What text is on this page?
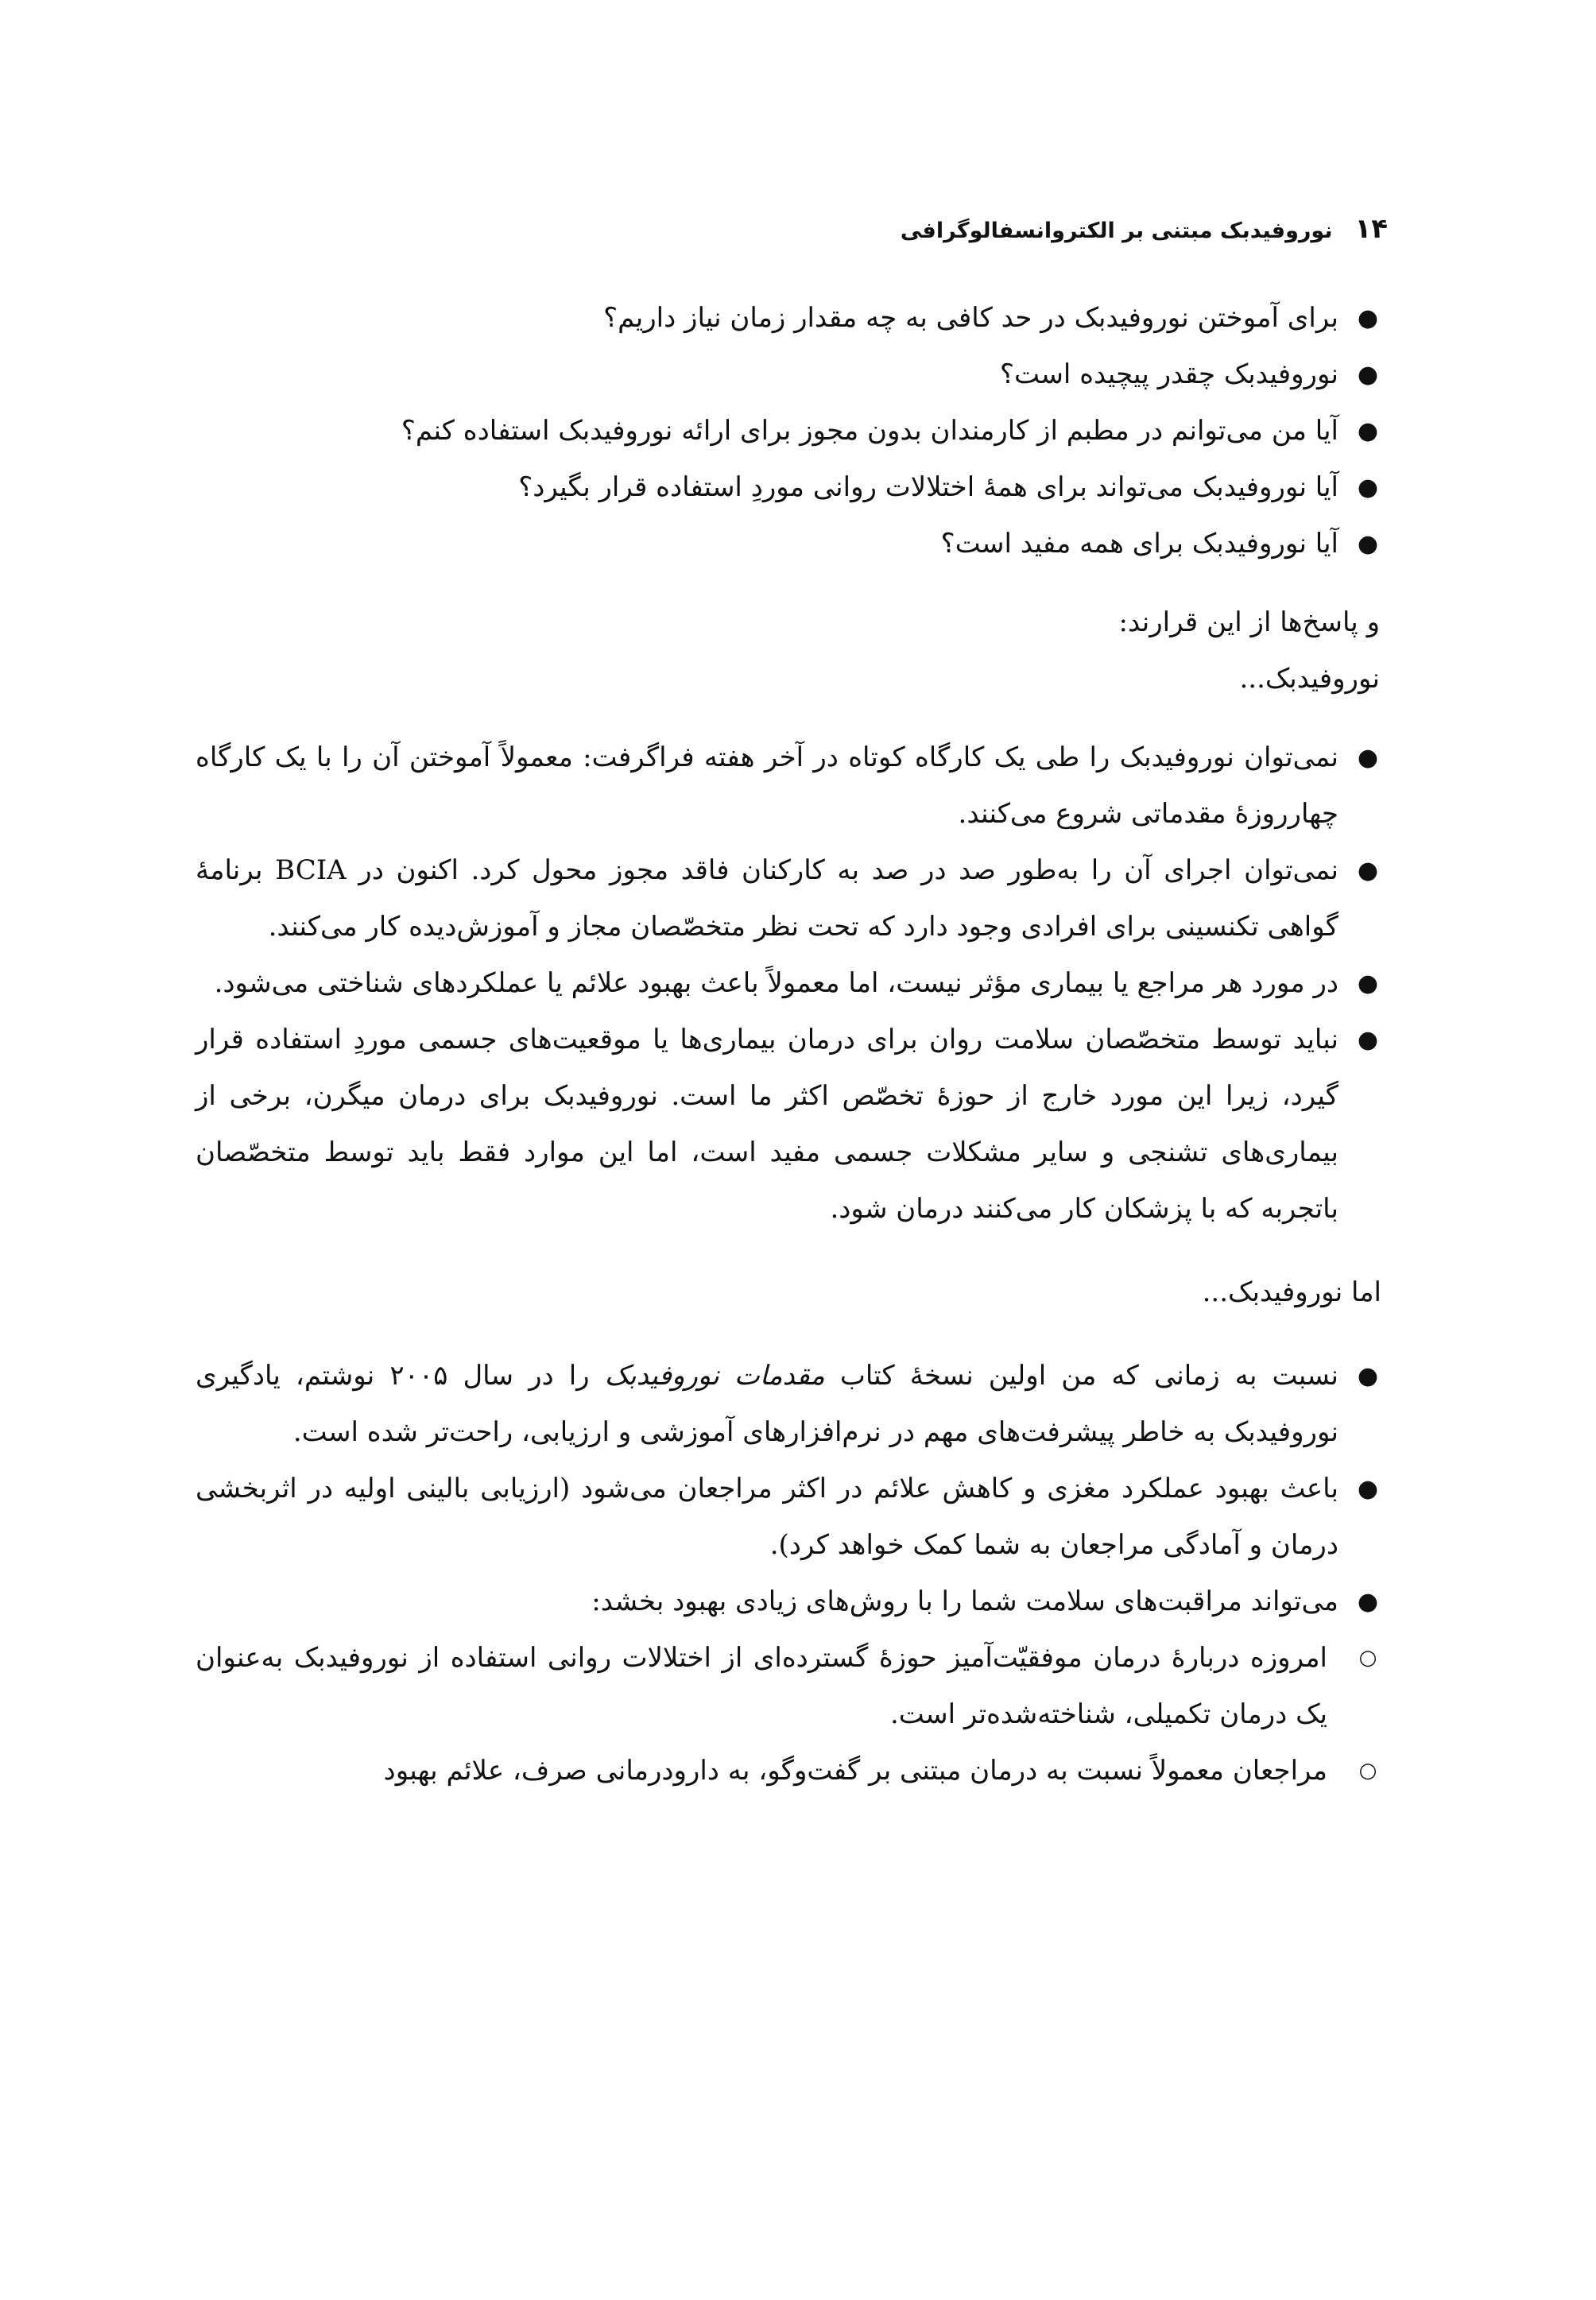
۱۴نوروفیدبک مبتنی بر الکتروانسفالوگرافی
●
برای آموختن نوروفیدبک در حد کافی به چه مقدار زمان نیاز داریم؟
●
نوروفیدبک چقدر پیچیده است؟
●
آیا من می‌توانم در مطبم از کارمندان بدون مجوز برای ارائه نوروفیدبک استفاده کنم؟
●
آیا نوروفیدبک می‌تواند برای همهٔ اختلالات روانی موردِ استفاده قرار بگیرد؟
●
آیا نوروفیدبک برای همه مفید است؟

و پاسخ‌ها از این قرارند:

نوروفیدبک...

●
نمی‌توان نوروفیدبک را طی یک کارگاه کوتاه در آخر هفته فراگرفت: معمولاً آموختن آن را با یک کارگاه چهارروزهٔ مقدماتی شروع می‌کنند.
●
نمی‌توان اجرای آن را به‌طور صد در صد به کارکنان فاقد مجوز محول کرد. اکنون در BCIA برنامهٔ گواهی تکنسینی برای افرادی وجود دارد که تحت نظر متخصّصان مجاز و آموزش‌دیده کار می‌کنند.
●
در مورد هر مراجع یا بیماری مؤثر نیست، اما معمولاً باعث بهبود علائم یا عملکردهای شناختی می‌شود.
●
نباید توسط متخصّصان سلامت روان برای درمان بیماری‌ها یا موقعیت‌های جسمی موردِ استفاده قرار گیرد، زیرا این مورد خارج از حوزهٔ تخصّص اکثر ما است. نوروفیدبک برای درمان میگرن، برخی از بیماری‌های تشنجی و سایر مشکلات جسمی مفید است، اما این موارد فقط باید توسط متخصّصان باتجربه که با پزشکان کار می‌کنند درمان شود.

اما نوروفیدبک...

●
نسبت به زمانی که من اولین نسخهٔ کتاب مقدمات نوروفیدبک را در سال ۲۰۰۵ نوشتم، یادگیری نوروفیدبک به خاطر پیشرفت‌های مهم در نرم‌افزارهای آموزشی و ارزیابی، راحت‌تر شده است.
●
باعث بهبود عملکرد مغزی و کاهش علائم در اکثر مراجعان می‌شود (ارزیابی بالینی اولیه در اثربخشی درمان و آمادگی مراجعان به شما کمک خواهد کرد).
●
می‌تواند مراقبت‌های سلامت شما را با روش‌های زیادی بهبود بخشد:
○
امروزه دربارهٔ درمان موفقیّت‌آمیز حوزهٔ گسترده‌ای از اختلالات روانی استفاده از نوروفیدبک به‌عنوان یک درمان تکمیلی، شناخته‌شده‌تر است.
○
مراجعان معمولاً نسبت به درمان مبتنی بر گفت‌وگو، به دارودرمانی صرف، علائم بهبود
